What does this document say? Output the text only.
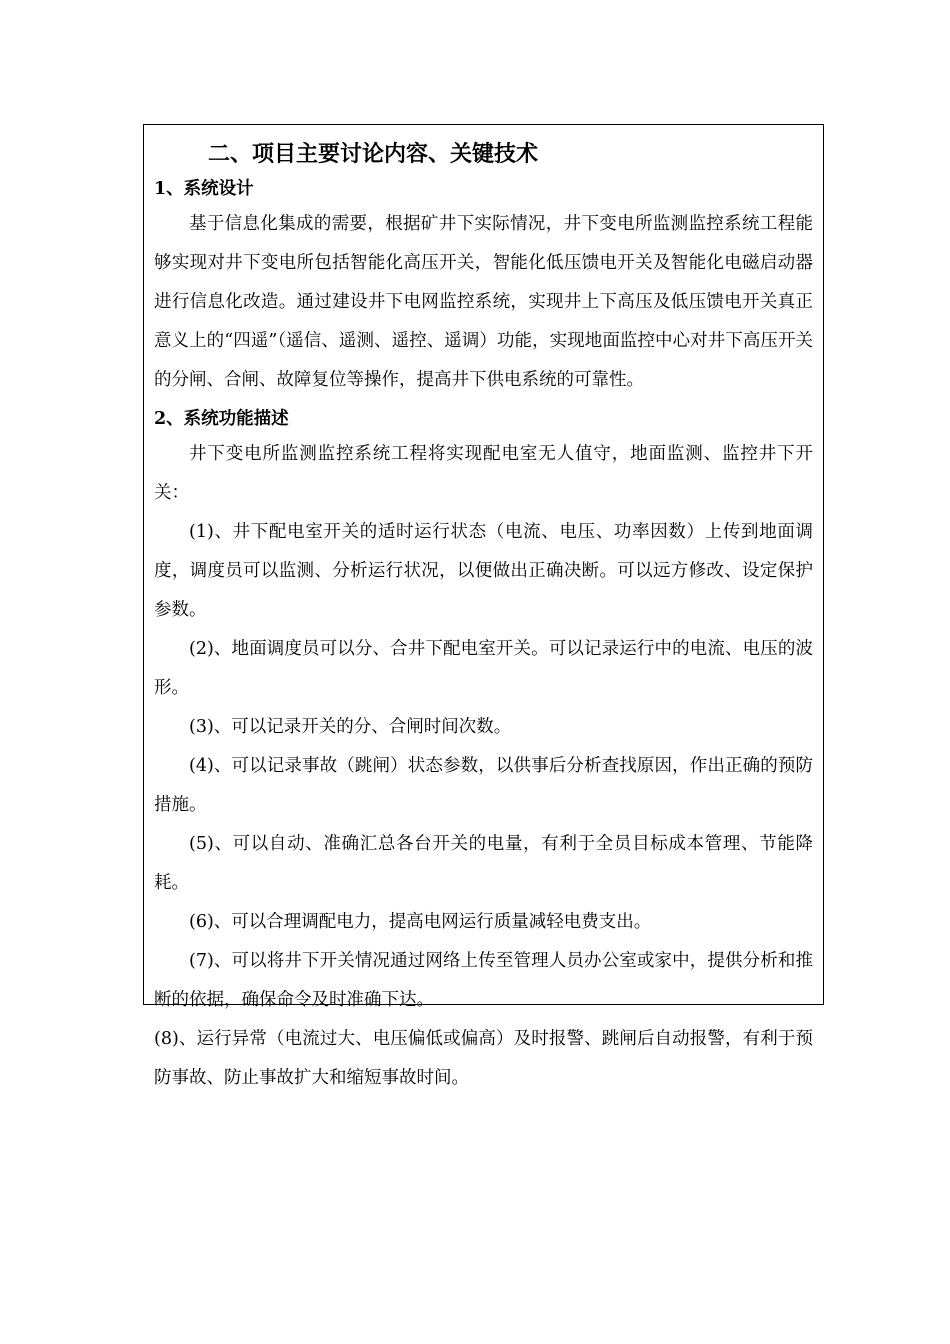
二、项目主要讨论内容、关键技术
1、系统设计

基于信息化集成的需要，根据矿井下实际情况，井下变电所监测监控系统工程能够实现对井下变电所包括智能化高压开关，智能化低压馈电开关及智能化电磁启动器进行信息化改造。通过建设井下电网监控系统，实现井上下高压及低压馈电开关真正意义上的“四遥”（遥信、遥测、遥控、遥调）功能，实现地面监控中心对井下高压开关的分闸、合闸、故障复位等操作，提高井下供电系统的可靠性。

2、系统功能描述

井下变电所监测监控系统工程将实现配电室无人值守，地面监测、监控井下开关：

(1)、井下配电室开关的适时运行状态（电流、电压、功率因数）上传到地面调度，调度员可以监测、分析运行状况，以便做出正确决断。可以远方修改、设定保护参数。

(2)、地面调度员可以分、合井下配电室开关。可以记录运行中的电流、电压的波形。

(3)、可以记录开关的分、合闸时间次数。

(4)、可以记录事故（跳闸）状态参数，以供事后分析查找原因，作出正确的预防措施。

(5)、可以自动、准确汇总各台开关的电量，有利于全员目标成本管理、节能降耗。

(6)、可以合理调配电力，提高电网运行质量减轻电费支出。

(7)、可以将井下开关情况通过网络上传至管理人员办公室或家中，提供分析和推断的依据，确保命令及时准确下达。

(8)、运行异常（电流过大、电压偏低或偏高）及时报警、跳闸后自动报警，有利于预防事故、防止事故扩大和缩短事故时间。
